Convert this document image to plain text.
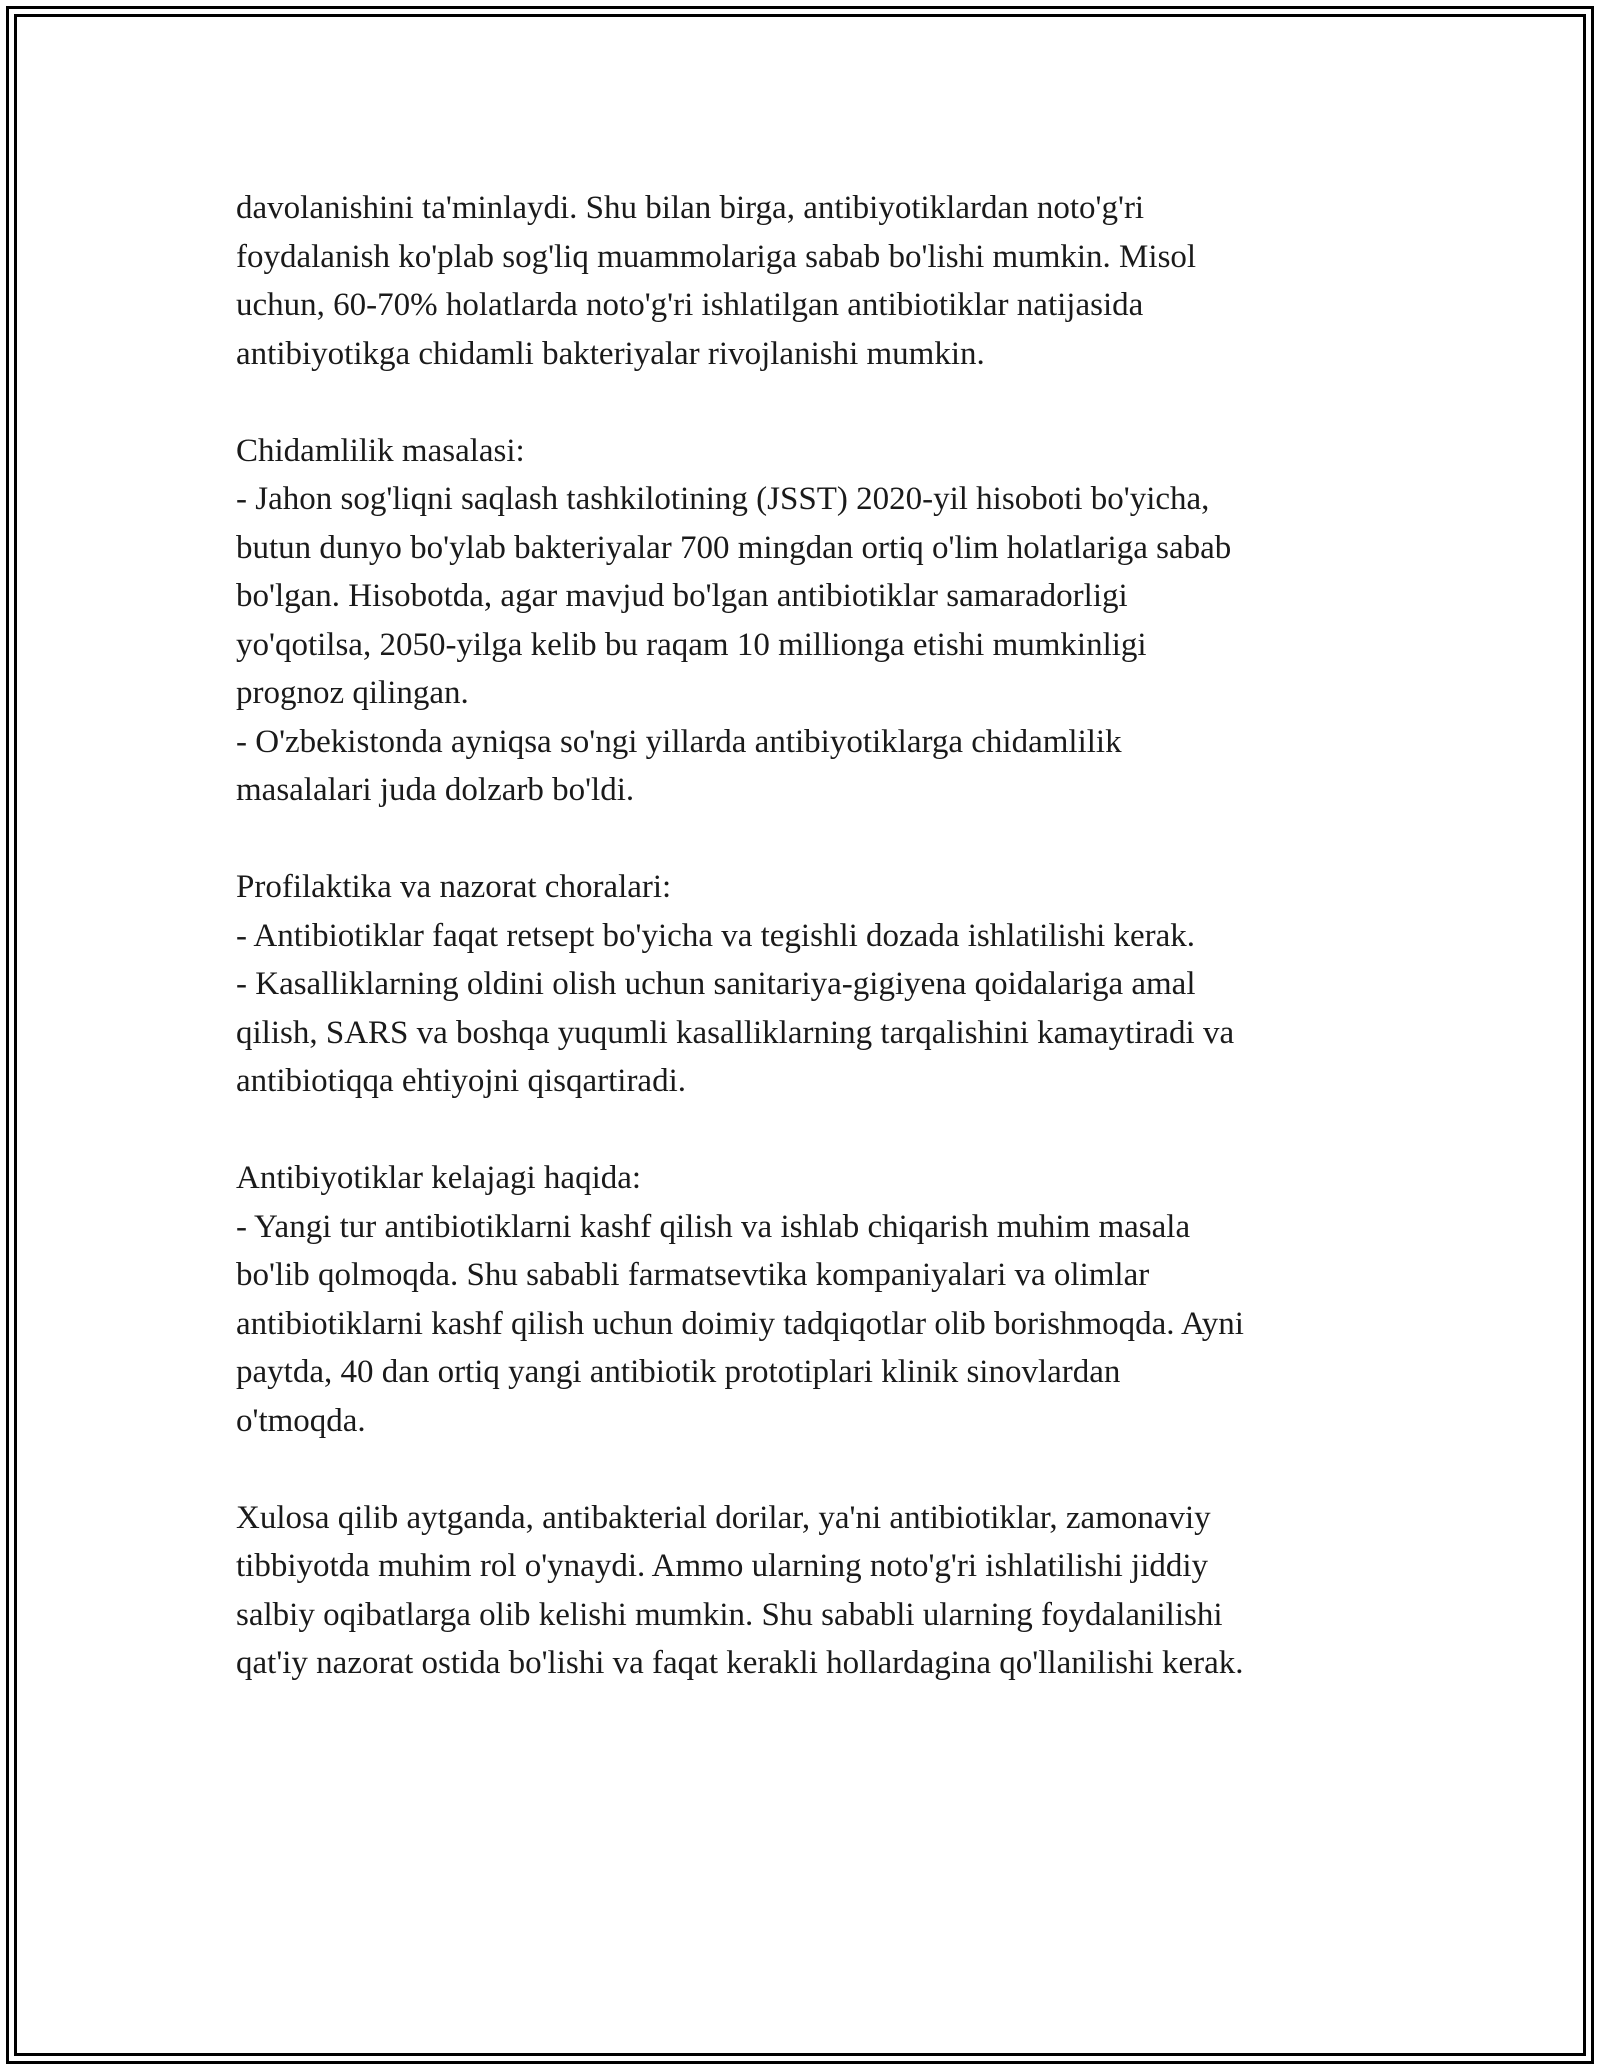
davolanishini ta'minlaydi. Shu bilan birga, antibiyotiklardan noto'g'ri
foydalanish ko'plab sog'liq muammolariga sabab bo'lishi mumkin. Misol
uchun, 60-70% holatlarda noto'g'ri ishlatilgan antibiotiklar natijasida
antibiyotikga chidamli bakteriyalar rivojlanishi mumkin.

Chidamlilik masalasi:
- Jahon sog'liqni saqlash tashkilotining (JSST) 2020-yil hisoboti bo'yicha,
butun dunyo bo'ylab bakteriyalar 700 mingdan ortiq o'lim holatlariga sabab
bo'lgan. Hisobotda, agar mavjud bo'lgan antibiotiklar samaradorligi
yo'qotilsa, 2050-yilga kelib bu raqam 10 millionga etishi mumkinligi
prognoz qilingan.
- O'zbekistonda ayniqsa so'ngi yillarda antibiyotiklarga chidamlilik
masalalari juda dolzarb bo'ldi.

Profilaktika va nazorat choralari:
- Antibiotiklar faqat retsept bo'yicha va tegishli dozada ishlatilishi kerak.
- Kasalliklarning oldini olish uchun sanitariya-gigiyena qoidalariga amal
qilish, SARS va boshqa yuqumli kasalliklarning tarqalishini kamaytiradi va
antibiotiqqa ehtiyojni qisqartiradi.

Antibiyotiklar kelajagi haqida:
- Yangi tur antibiotiklarni kashf qilish va ishlab chiqarish muhim masala
bo'lib qolmoqda. Shu sababli farmatsevtika kompaniyalari va olimlar
antibiotiklarni kashf qilish uchun doimiy tadqiqotlar olib borishmoqda. Ayni
paytda, 40 dan ortiq yangi antibiotik prototiplari klinik sinovlardan
o'tmoqda.

Xulosa qilib aytganda, antibakterial dorilar, ya'ni antibiotiklar, zamonaviy
tibbiyotda muhim rol o'ynaydi. Ammo ularning noto'g'ri ishlatilishi jiddiy
salbiy oqibatlarga olib kelishi mumkin. Shu sababli ularning foydalanilishi
qat'iy nazorat ostida bo'lishi va faqat kerakli hollardagina qo'llanilishi kerak.
